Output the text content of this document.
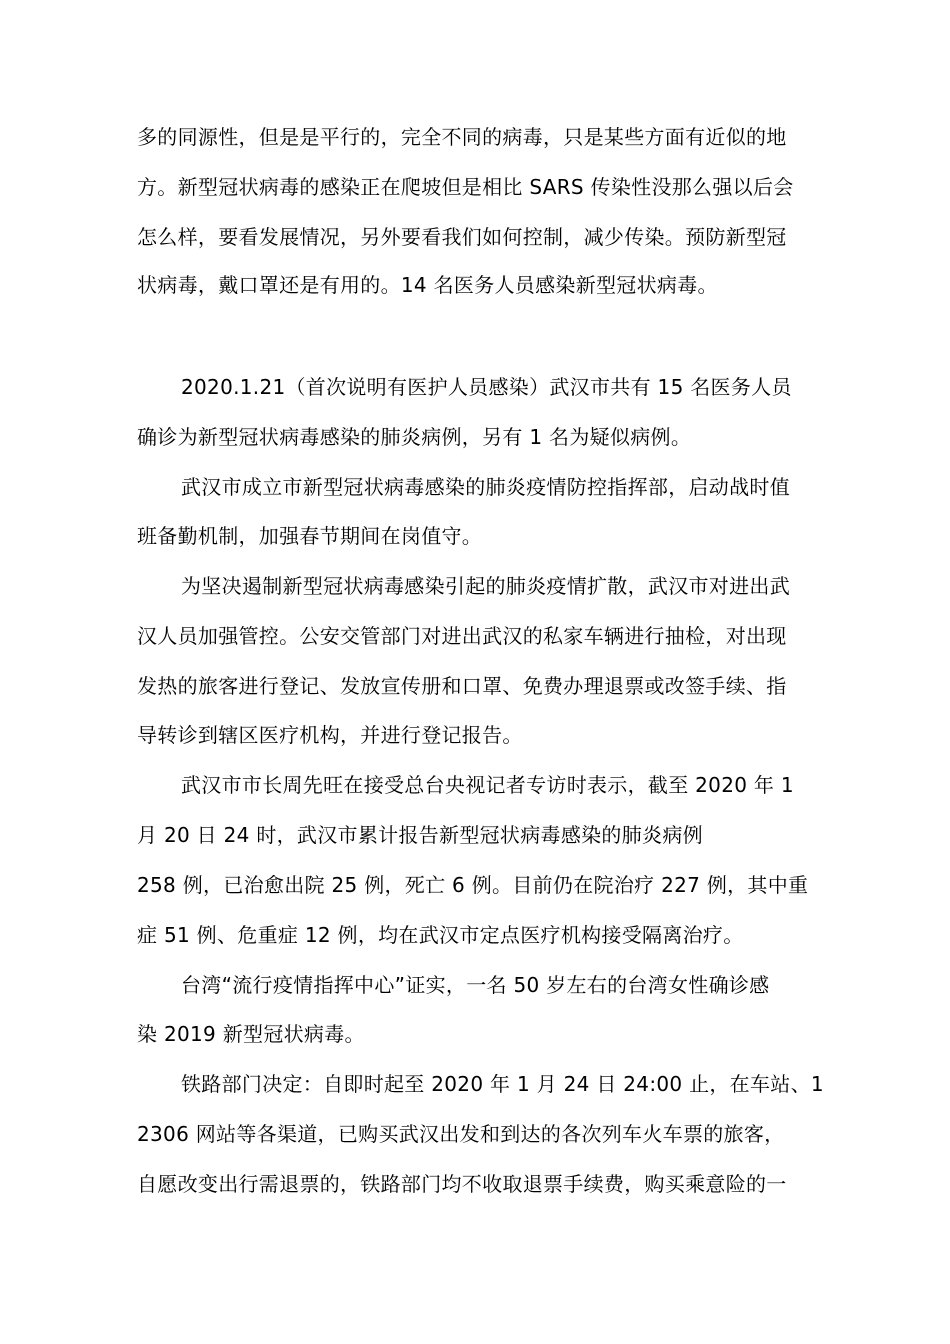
多的同源性，但是是平行的，完全不同的病毒，只是某些方面有近似的地
方。新型冠状病毒的感染正在爬坡但是相比 SARS 传染性没那么强以后会
怎么样，要看发展情况，另外要看我们如何控制，减少传染。预防新型冠
状病毒，戴口罩还是有用的。14 名医务人员感染新型冠状病毒。
2020.1.21（首次说明有医护人员感染）武汉市共有 15 名医务人员
确诊为新型冠状病毒感染的肺炎病例，另有 1 名为疑似病例。
武汉市成立市新型冠状病毒感染的肺炎疫情防控指挥部，启动战时值
班备勤机制，加强春节期间在岗值守。
为坚决遏制新型冠状病毒感染引起的肺炎疫情扩散，武汉市对进出武
汉人员加强管控。公安交管部门对进出武汉的私家车辆进行抽检，对出现
发热的旅客进行登记、发放宣传册和口罩、免费办理退票或改签手续、指
导转诊到辖区医疗机构，并进行登记报告。
武汉市市长周先旺在接受总台央视记者专访时表示，截至 2020 年 1
月 20 日 24 时，武汉市累计报告新型冠状病毒感染的肺炎病例
258 例，已治愈出院 25 例，死亡 6 例。目前仍在院治疗 227 例，其中重
症 51 例、危重症 12 例，均在武汉市定点医疗机构接受隔离治疗。
台湾“流行疫情指挥中心”证实，一名 50 岁左右的台湾女性确诊感
染 2019 新型冠状病毒。
铁路部门决定：自即时起至 2020 年 1 月 24 日 24:00 止，在车站、1
2306 网站等各渠道，已购买武汉出发和到达的各次列车火车票的旅客，
自愿改变出行需退票的，铁路部门均不收取退票手续费，购买乘意险的一
